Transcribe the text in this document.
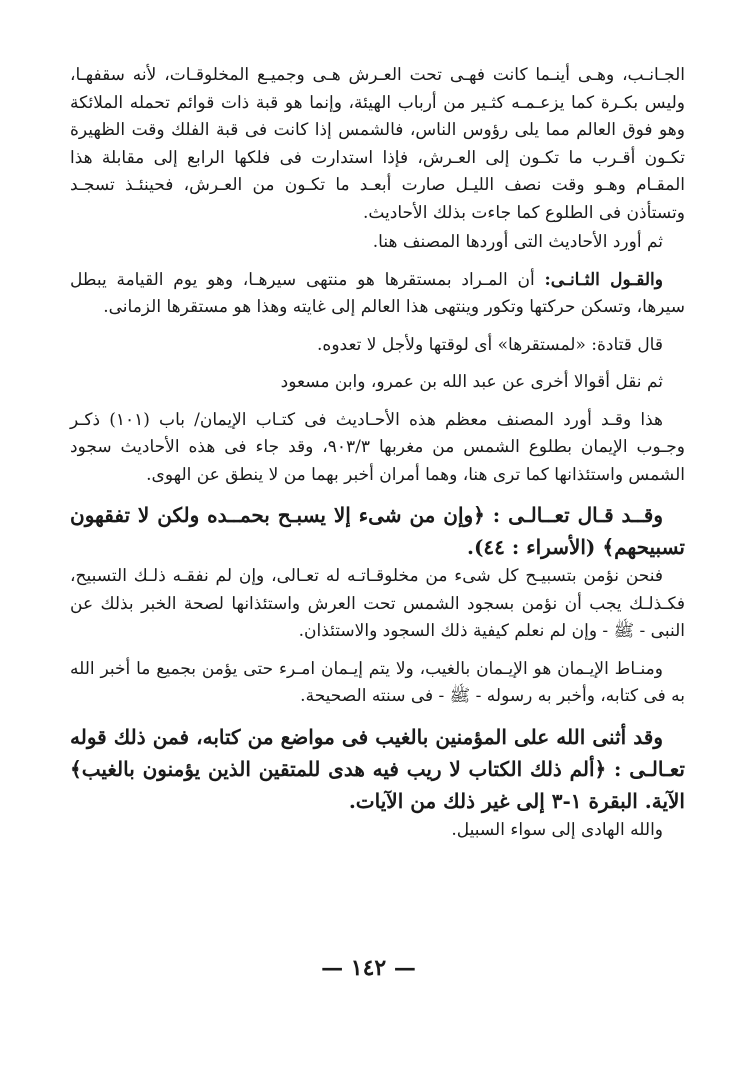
الجـانـب، وهـى أينـما كانت فهـى تحت العـرش هـى وجميـع المخلوقـات، لأنه سقفهـا، وليس بكـرة كما يزعـمـه كثـير من أرباب الهيئة، وإنما هو قبة ذات قوائم تحمله الملائكة وهو فوق العالم مما يلى رؤوس الناس، فالشمس إذا كانت فى قبة الفلك وقت الظهيرة تكـون أقـرب ما تكـون إلى العـرش، فإذا استدارت فى فلكها الرابع إلى مقابلة هذا المقـام وهـو وقت نصف الليـل صارت أبعـد ما تكـون من العـرش، فحينئـذ تسجـد وتستأذن فى الطلوع كما جاءت بذلك الأحاديث.

ثم أورد الأحاديث التى أوردها المصنف هنا.

والقـول الثـانـى: أن المـراد بمستقرها هو منتهى سيرهـا، وهو يوم القيامة يبطل سيرها، وتسكن حركتها وتكور وينتهى هذا العالم إلى غايته وهذا هو مستقرها الزمانى.

قال قتادة: «لمستقرها» أى لوقتها ولأجل لا تعدوه.

ثم نقل أقوالا أخرى عن عبد الله بن عمرو، وابن مسعود

هذا وقـد أورد المصنف معظم هذه الأحـاديث فى كتـاب الإيمان/ باب (١٠١) ذكـر وجـوب الإيمان بطلوع الشمس من مغربها ٩٠٣/٣، وقد جاء فى هذه الأحاديث سجود الشمس واستئذانها كما ترى هنا، وهما أمران أخبر بهما من لا ينطق عن الهوى.

وقــد قـال تعــالـى : ﴿وإن من شىء إلا يسبـح بحمــده ولكن لا تفقهون تسبيحهم﴾ (الأسراء : ٤٤).

فنحن نؤمن بتسبيـح كل شىء من مخلوقـاتـه له تعـالى، وإن لم نفقـه ذلـك التسبيح، فكـذلـك يجب أن نؤمن بسجود الشمس تحت العرش واستئذانها لصحة الخبر بذلك عن النبى - ﷺ - وإن لم نعلم كيفية ذلك السجود والاستئذان.

ومنـاط الإيـمان هو الإيـمان بالغيب، ولا يتم إيـمان امـرء حتى يؤمن بجميع ما أخبر الله به فى كتابه، وأخبر به رسوله - ﷺ - فى سنته الصحيحة.

وقد أثنى الله على المؤمنين بالغيب فى مواضع من كتابه، فمن ذلك قوله تعـالـى : ﴿ألم ذلك الكتاب لا ريب فيه هدى للمتقين الذين يؤمنون بالغيب﴾ الآية. البقرة ١-٣ إلى غير ذلك من الآيات.

والله الهادى إلى سواء السبيل.

— ١٤٢ —
